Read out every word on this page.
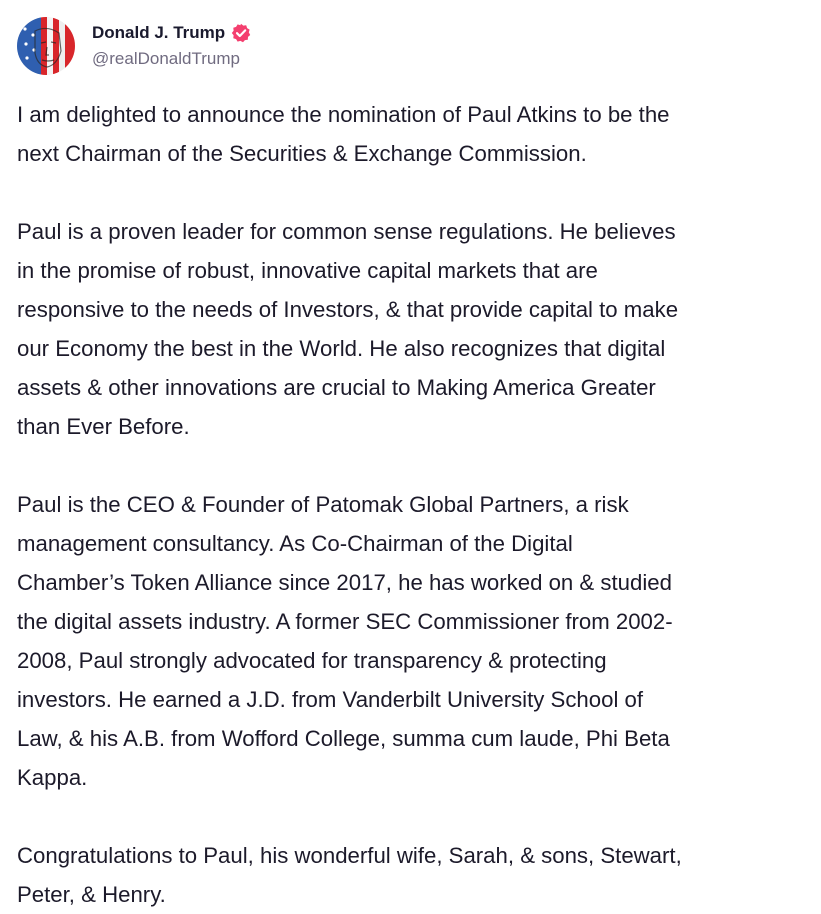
Donald J. Trump
@realDonaldTrump

I am delighted to announce the nomination of Paul Atkins to be the
next Chairman of the Securities & Exchange Commission.

Paul is a proven leader for common sense regulations. He believes
in the promise of robust, innovative capital markets that are
responsive to the needs of Investors, & that provide capital to make
our Economy the best in the World. He also recognizes that digital
assets & other innovations are crucial to Making America Greater
than Ever Before.

Paul is the CEO & Founder of Patomak Global Partners, a risk
management consultancy. As Co-Chairman of the Digital
Chamber’s Token Alliance since 2017, he has worked on & studied
the digital assets industry. A former SEC Commissioner from 2002-
2008, Paul strongly advocated for transparency & protecting
investors. He earned a J.D. from Vanderbilt University School of
Law, & his A.B. from Wofford College, summa cum laude, Phi Beta
Kappa.

Congratulations to Paul, his wonderful wife, Sarah, & sons, Stewart,
Peter, & Henry.
